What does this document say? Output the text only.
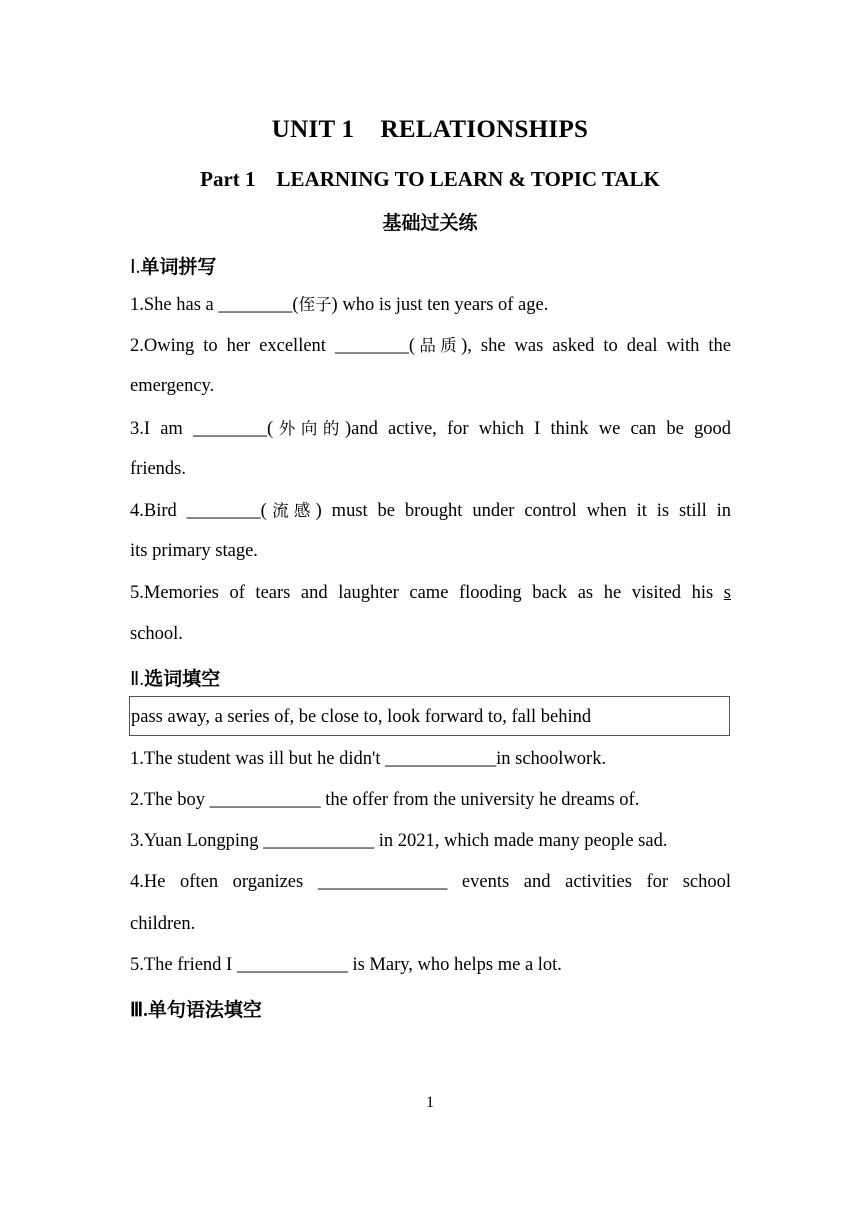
UNIT 1    RELATIONSHIPS
Part 1    LEARNING TO LEARN & TOPIC TALK
基础过关练
Ⅰ.单词拼写
1.She has a ________(侄子) who is just ten years of age.
2.Owing to her excellent ________(品质), she was asked to deal with the
emergency.
3.I am ________(外向的)and active, for which I think we can be good
friends.
4.Bird ________(流感) must be brought under control when it is still in
its primary stage.
5.Memories of tears and laughter came flooding back as he visited his s
school.
Ⅱ.选词填空
pass away, a series of, be close to, look forward to, fall behind
1.The student was ill but he didn't ____________in schoolwork.
2.The boy ____________ the offer from the university he dreams of.
3.Yuan Longping ____________ in 2021, which made many people sad.
4.He often organizes ______________ events and activities for school
children.
5.The friend I ____________ is Mary, who helps me a lot.
Ⅲ.单句语法填空
1
